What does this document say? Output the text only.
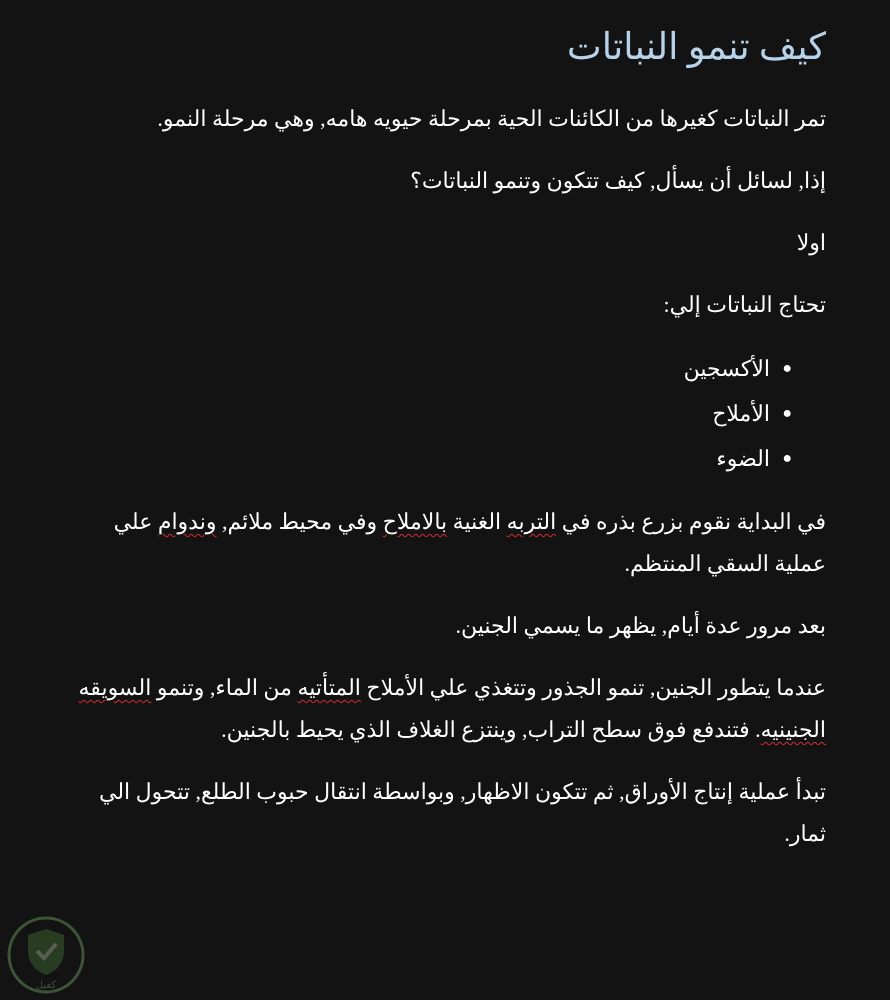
كيف تنمو النباتات

تمر النباتات كغيرها من الكائنات الحية بمرحلة حيويه هامه, وهي مرحلة النمو.

إذا, لسائل أن يسأل, كيف تتكون وتنمو النباتات؟

اولا

تحتاج النباتات إلي:

●
الأكسجين
●
الأملاح
●
الضوء

في البداية نقوم بزرع بذره في التربه الغنية بالاملاح وفي محيط ملائم, وندوام علي عملية السقي المنتظم.

بعد مرور عدة أيام, يظهر ما يسمي الجنين.

عندما يتطور الجنين, تنمو الجذور وتتغذي علي الأملاح المتأتيه من الماء, وتنمو السويقه الجنينيه. فتندفع فوق سطح التراب, وينتزع الغلاف الذي يحيط بالجنين.

تبدأ عملية إنتاج الأوراق, ثم تتكون الاظهار, وبواسطة انتقال حبوب الطلع, تتحول الي ثمار.

كفيل
